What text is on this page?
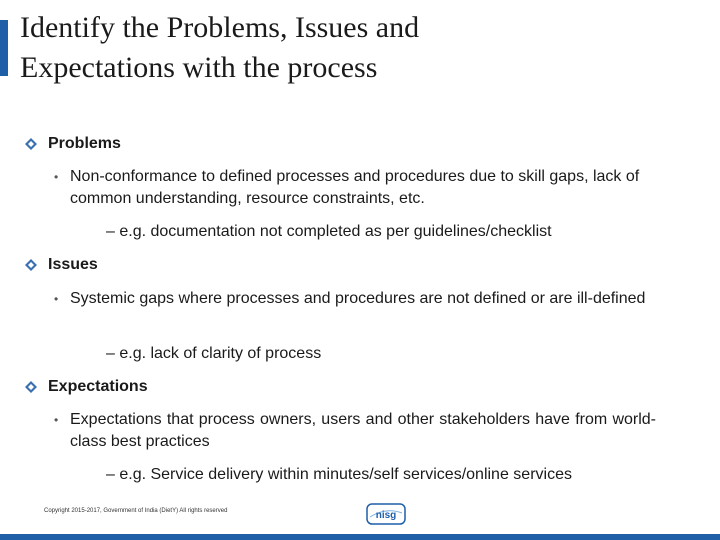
Identify the Problems, Issues and
Expectations with the process
Problems
• Non-conformance to defined processes and procedures due to skill gaps, lack of common understanding, resource constraints, etc.
– e.g. documentation not completed as per guidelines/checklist
Issues
• Systemic gaps where processes and procedures are not defined or are ill-defined
– e.g. lack of clarity of process
Expectations
• Expectations that process owners, users and other stakeholders have from world-class best practices
– e.g. Service delivery within minutes/self services/online services
Copyright 2015-2017, Government of India (DietY) All rights reserved	nisg
